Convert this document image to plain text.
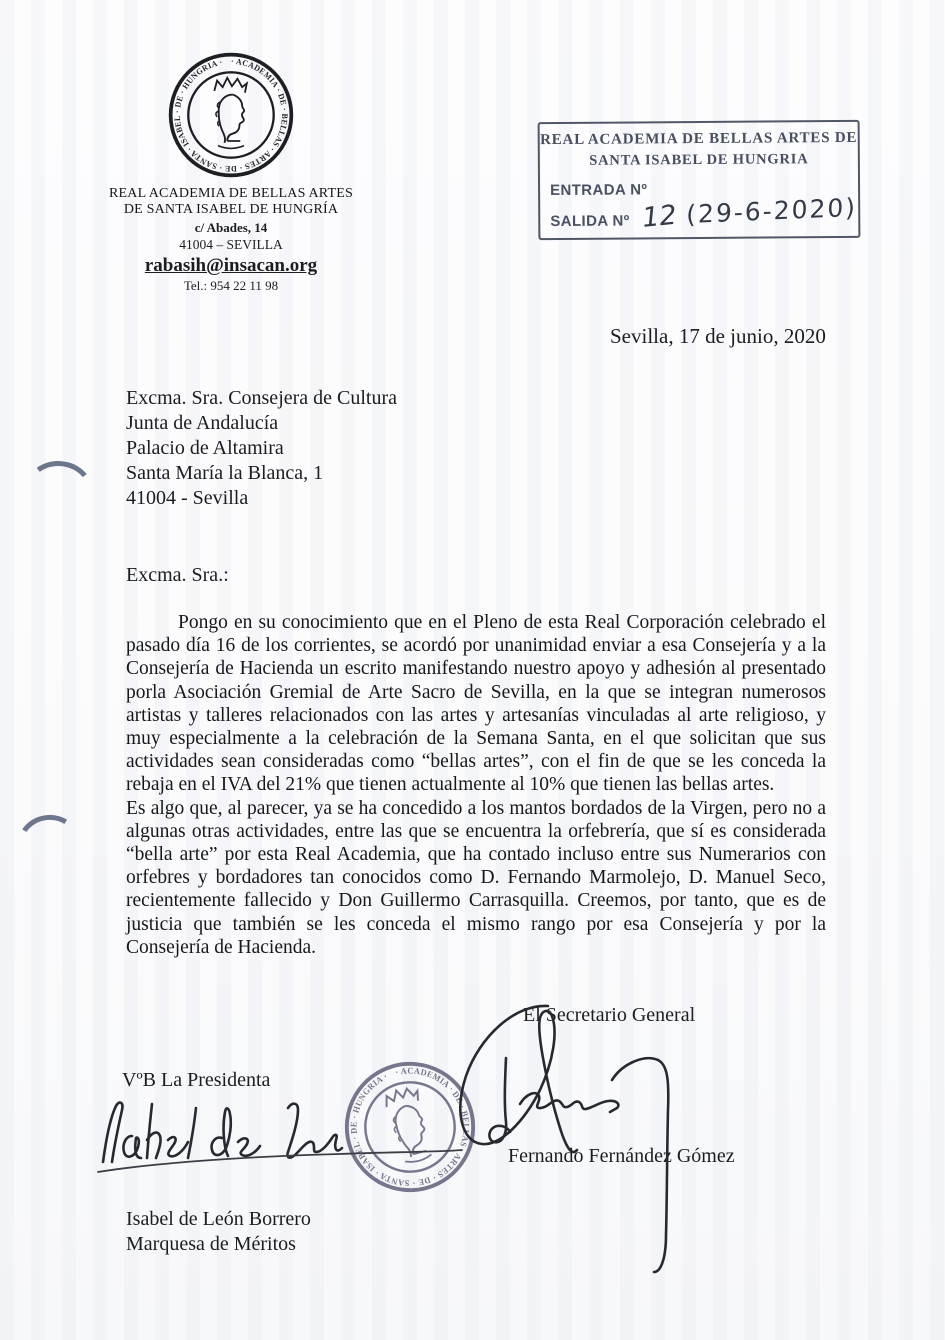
· ACADEMIA · DE · BELLAS · ARTES · DE · SANTA · ISABEL · DE · HUNGRIA ·
REAL ACADEMIA DE BELLAS ARTES
DE SANTA ISABEL DE HUNGRÍA
c/ Abades, 14
41004 – SEVILLA
rabasih@insacan.org
Tel.: 954 22 11 98
REAL ACADEMIA DE BELLAS ARTES DE
SANTA ISABEL DE HUNGRIA
ENTRADA Nº
SALIDA Nº 12 (29-6-2020)
Sevilla, 17 de junio, 2020
Excma. Sra. Consejera de Cultura
Junta de Andalucía
Palacio de Altamira
Santa María la Blanca, 1
41004 - Sevilla
Excma. Sra.:

Pongo en su conocimiento que en el Pleno de esta Real Corporación celebrado el pasado día 16 de los corrientes, se acordó por unanimidad enviar a esa Consejería y a la Consejería de Hacienda un escrito manifestando nuestro apoyo y adhesión al presentado porla Asociación Gremial de Arte Sacro de Sevilla, en la que se integran numerosos artistas y talleres relacionados con las artes y artesanías vinculadas al arte religioso, y muy especialmente a la celebración de la Semana Santa, en el que solicitan que sus actividades sean consideradas como “bellas artes”, con el fin de que se les conceda la rebaja en el IVA del 21% que tienen actualmente al 10% que tienen las bellas artes.

Es algo que, al parecer, ya se ha concedido a los mantos bordados de la Virgen, pero no a algunas otras actividades, entre las que se encuentra la orfebrería, que sí es considerada “bella arte” por esta Real Academia, que ha contado incluso entre sus Numerarios con orfebres y bordadores tan conocidos como D. Fernando Marmolejo, D. Manuel Seco, recientemente fallecido y Don Guillermo Carrasquilla. Creemos, por tanto, que es de justicia que también se les conceda el mismo rango por esa Consejería y por la Consejería de Hacienda.

El Secretario General
Fernando Fernández Gómez
VºB La Presidenta
Isabel de León Borrero
Marquesa de Méritos
· ACADEMIA · DE · BELLAS · ARTES · DE · SANTA · ISABEL · DE · HUNGRIA ·
